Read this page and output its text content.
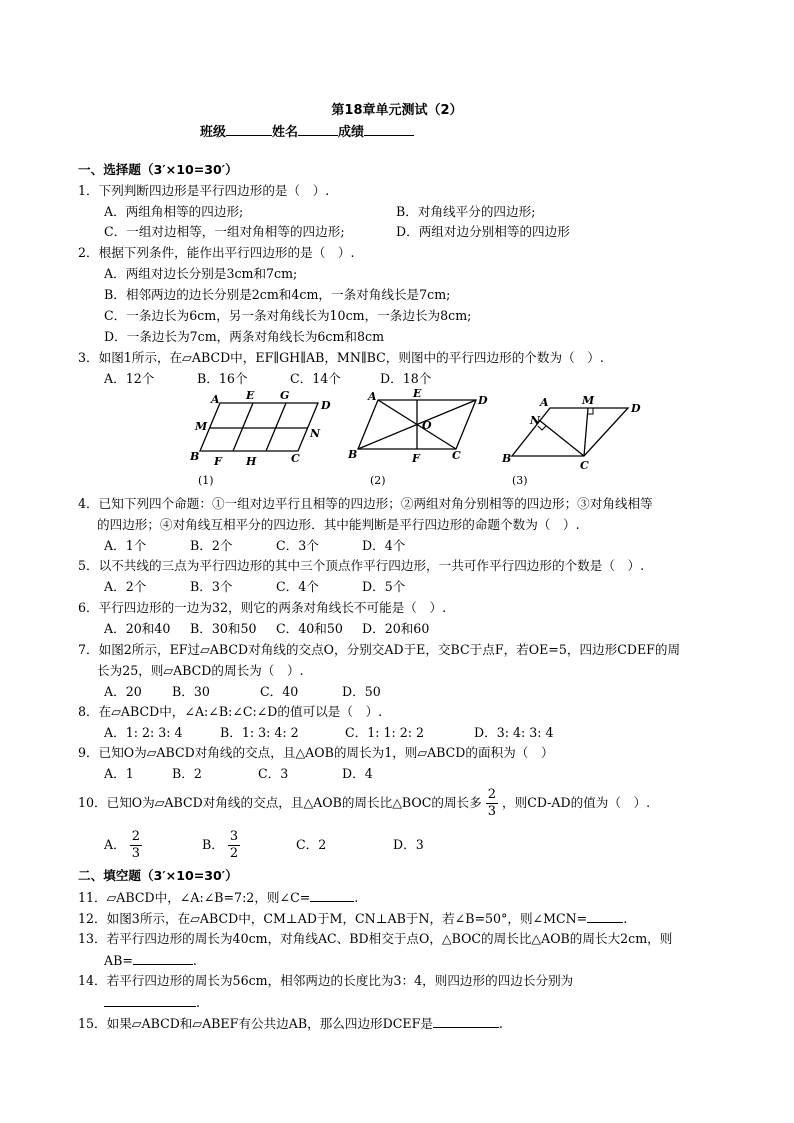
第18章单元测试（2）
班级	姓名	成绩
一、选择题（3′×10=30′）
1．下列判断四边形是平行四边形的是（　）.
A．两组角相等的四边形;	B．对角线平分的四边形;
C．一组对边相等，一组对角相等的四边形;	D．两组对边分别相等的四边形
2．根据下列条件，能作出平行四边形的是（　）.
A．两组对边长分别是3cm和7cm;
B．相邻两边的边长分别是2cm和4cm，一条对角线长是7cm;
C．一条边长为6cm，另一条对角线长为10cm，一条边长为8cm;
D．一条边长为7cm，两条对角线长为6cm和8cm
3．如图1所示，在▱ABCD中，EF∥GH∥AB，MN∥BC，则图中的平行四边形的个数为（　）.
A．12个	B．16个	C．14个	D．18个
A E G
D
M
N
B F H	C
(1)
A	E
D
O
B	F	C
(2)
A	M
D
N
B
C
(3)
4．已知下列四个命题：①一组对边平行且相等的四边形；②两组对角分别相等的四边形；③对角线相等
的四边形；④对角线互相平分的四边形．其中能判断是平行四边形的命题个数为（　）.
A．1个	B．2个	C．3个	D．4个
5．以不共线的三点为平行四边形的其中三个顶点作平行四边形，一共可作平行四边形的个数是（　）.
A．2个	B．3个	C．4个	D．5个
6．平行四边形的一边为32，则它的两条对角线长不可能是（　）.
A．20和40 B．30和50 C．40和50 D．20和60
7．如图2所示，EF过▱ABCD对角线的交点O，分别交AD于E，交BC于点F，若OE=5，四边形CDEF的周
长为25，则▱ABCD的周长为（　）.
A．20 B．30	C．40	D．50
8．在▱ABCD中，∠A:∠B:∠C:∠D的值可以是（　）.
A．1: 2: 3: 4	B．1: 3: 4: 2	C．1: 1: 2: 2	D．3: 4: 3: 4
9．已知O为▱ABCD对角线的交点，且△AOB的周长为1，则▱ABCD的面积为（　）
A．1	B．2	C．3	D．4
10．已知O为▱ABCD对角线的交点，且△AOB的周长比△BOC的周长多 $\frac{2}{3}$ ，则CD-AD的值为（　）.
A． $\frac{2}{3}$	B． $\frac{3}{2}$	C．2	D．3
二、填空题（3′×10=30′）
11．▱ABCD中，∠A:∠B=7:2，则∠C=	.
12．如图3所示，在▱ABCD中，CM⊥AD于M，CN⊥AB于N，若∠B=50°，则∠MCN=	.
13．若平行四边形的周长为40cm，对角线AC、BD相交于点O，△BOC的周长比△AOB的周长大2cm，则
AB=	.
14．若平行四边形的周长为56cm，相邻两边的长度比为3：4，则四边形的四边长分别为
.
15．如果▱ABCD和▱ABEF有公共边AB，那么四边形DCEF是	.
